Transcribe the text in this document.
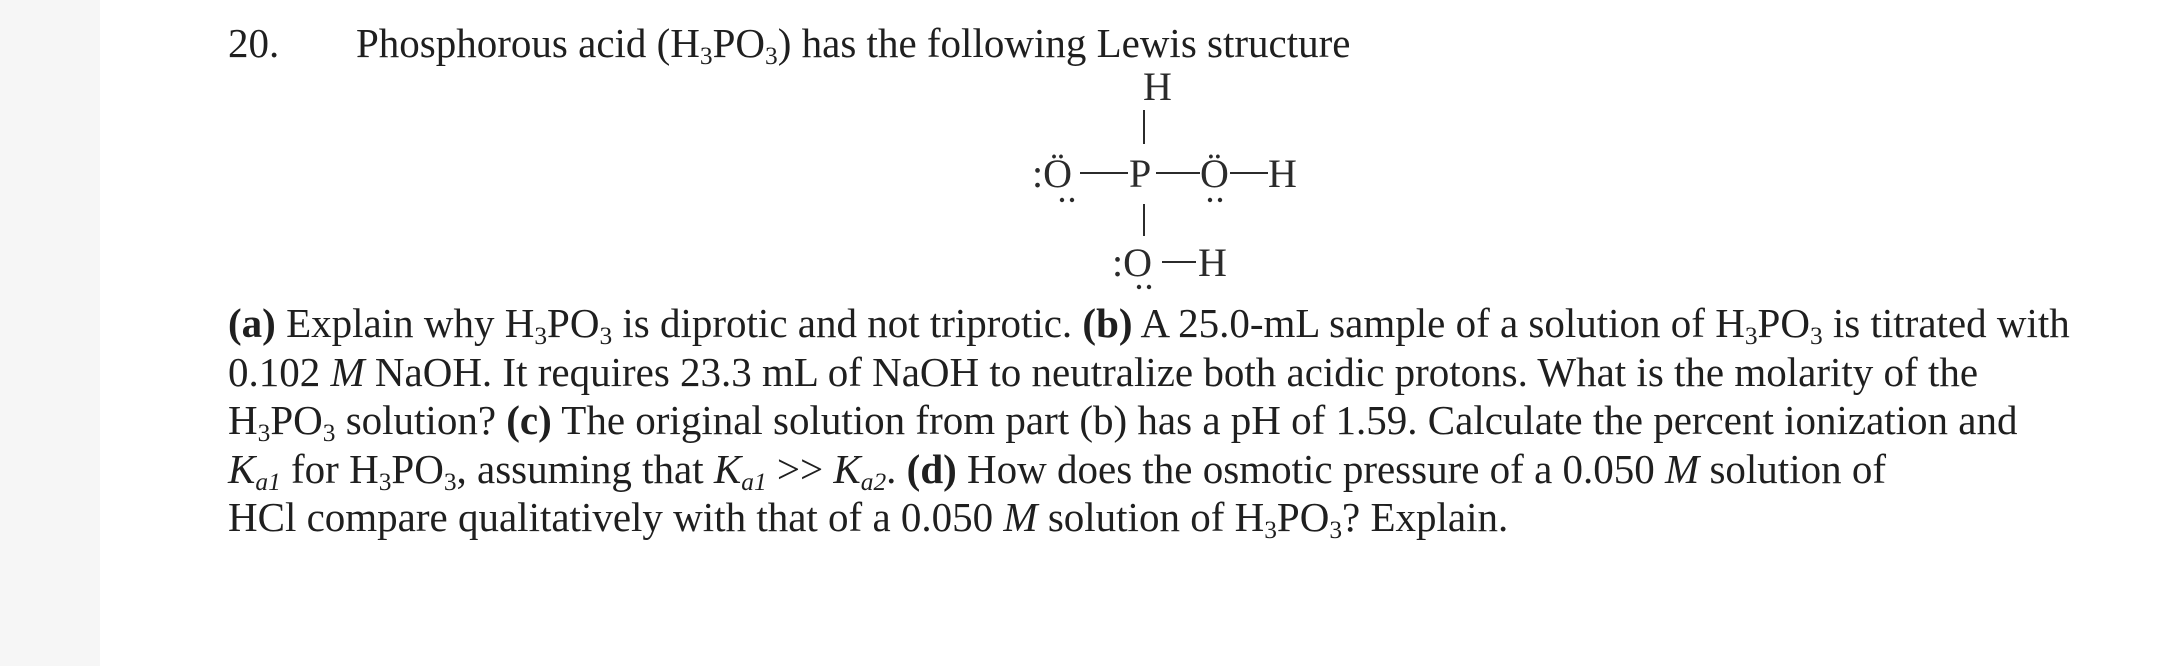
20. Phosphorous acid $(H_3PO_3)$ has the following Lewis structure
H
:Ö P Ö H
:O H
(a) Explain why $H_3PO_3$ is diprotic and not triprotic. (b) A 25.0-mL sample of a solution of $H_3PO_3$ is titrated with
0.102 M NaOH. It requires 23.3 mL of NaOH to neutralize both acidic protons. What is the molarity of the
$H_3PO_3$ solution? (c) The original solution from part (b) has a pH of 1.59. Calculate the percent ionization and
$K_{a1}$ for $H_3PO_3$, assuming that $K_{a1} >> K_{a2}$. (d) How does the osmotic pressure of a 0.050 M solution of
HCl compare qualitatively with that of a 0.050 M solution of $H_3PO_3$? Explain.
